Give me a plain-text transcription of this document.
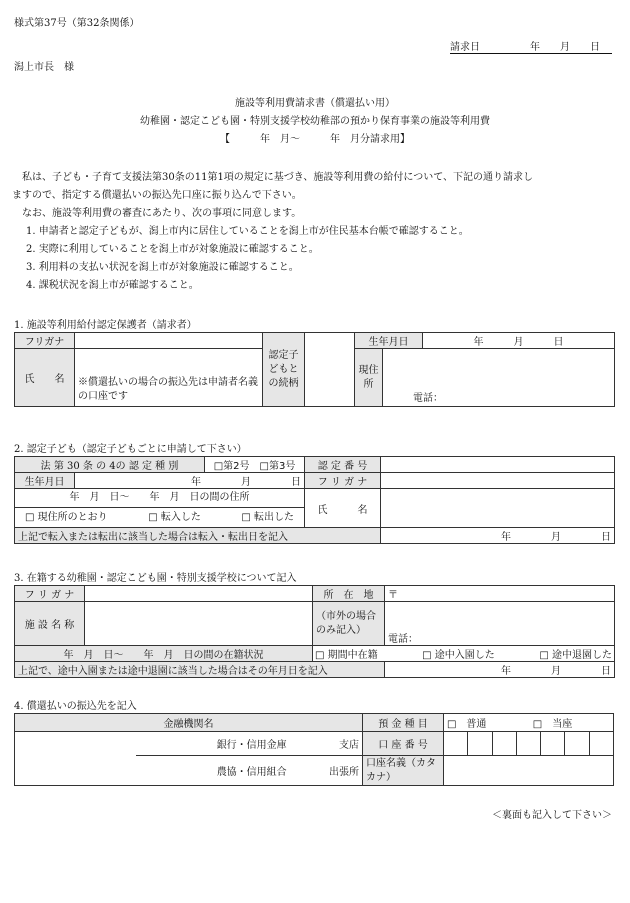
様式第37号（第32条関係）
請求日　　　　　年　　月　　日
潟上市長　様
施設等利用費請求書（償還払い用）
幼稚園・認定こども園・特別支援学校幼稚部の預かり保育事業の施設等利用費
【　　　年　月〜　　　年　月分請求用】
　私は、子ども・子育て支援法第30条の11第1項の規定に基づき、施設等利用費の給付について、下記の通り請求し
ますので、指定する償還払いの振込先口座に振り込んで下さい。
　なお、施設等利用費の審査にあたり、次の事項に同意します。
1. 申請者と認定子どもが、潟上市内に居住していることを潟上市が住民基本台帳で確認すること。
2. 実際に利用していることを潟上市が対象施設に確認すること。
3. 利用料の支払い状況を潟上市が対象施設に確認すること。
4. 課税状況を潟上市が確認すること。
1. 施設等利用給付認定保護者（請求者）
フリガナ		認定子どもとの続柄		生年月日		年　　　月　　　日
氏　　名	※償還払いの場合の振込先は申請者名義の口座です			現住所	電話：	
2. 認定子ども（認定子どもごとに申請して下さい）
法 第 30 条 の 4の 認 定 種 別		□第2号　□第3号	認 定 番 号	
生年月日	年　　　　月　　　　日		フ リ ガ ナ	

年　月　日〜　　年　月　日の間の住所
□ 現住所のとおり □ 転入した □ 転出した			氏　　　名	
上記で転入または転出に該当した場合は転入・転出日を記入				年　　　　月　　　　日
3. 在籍する幼稚園・認定こども園・特別支援学校について記入
フ リ ガ ナ		所　在　地	〒
施 設 名 称		（市外の場合のみ記入）	電話：
年　月　日〜　　年　月　日の間の在籍状況		□ 期間中在籍 □ 途中入園した □ 途中退園した	

上記で、途中入園または途中退園に該当した場合はその年月日を記入			年　　　　月　　　　日
4. 償還払いの振込先を記入
金融機関名			預 金 種 目	□　普通 □　当座						
	銀行・信用金庫	支店	口 座 番 号							
	農協・信用組合	出張所	口座名義（カタカナ）							
＜裏面も記入して下さい＞
